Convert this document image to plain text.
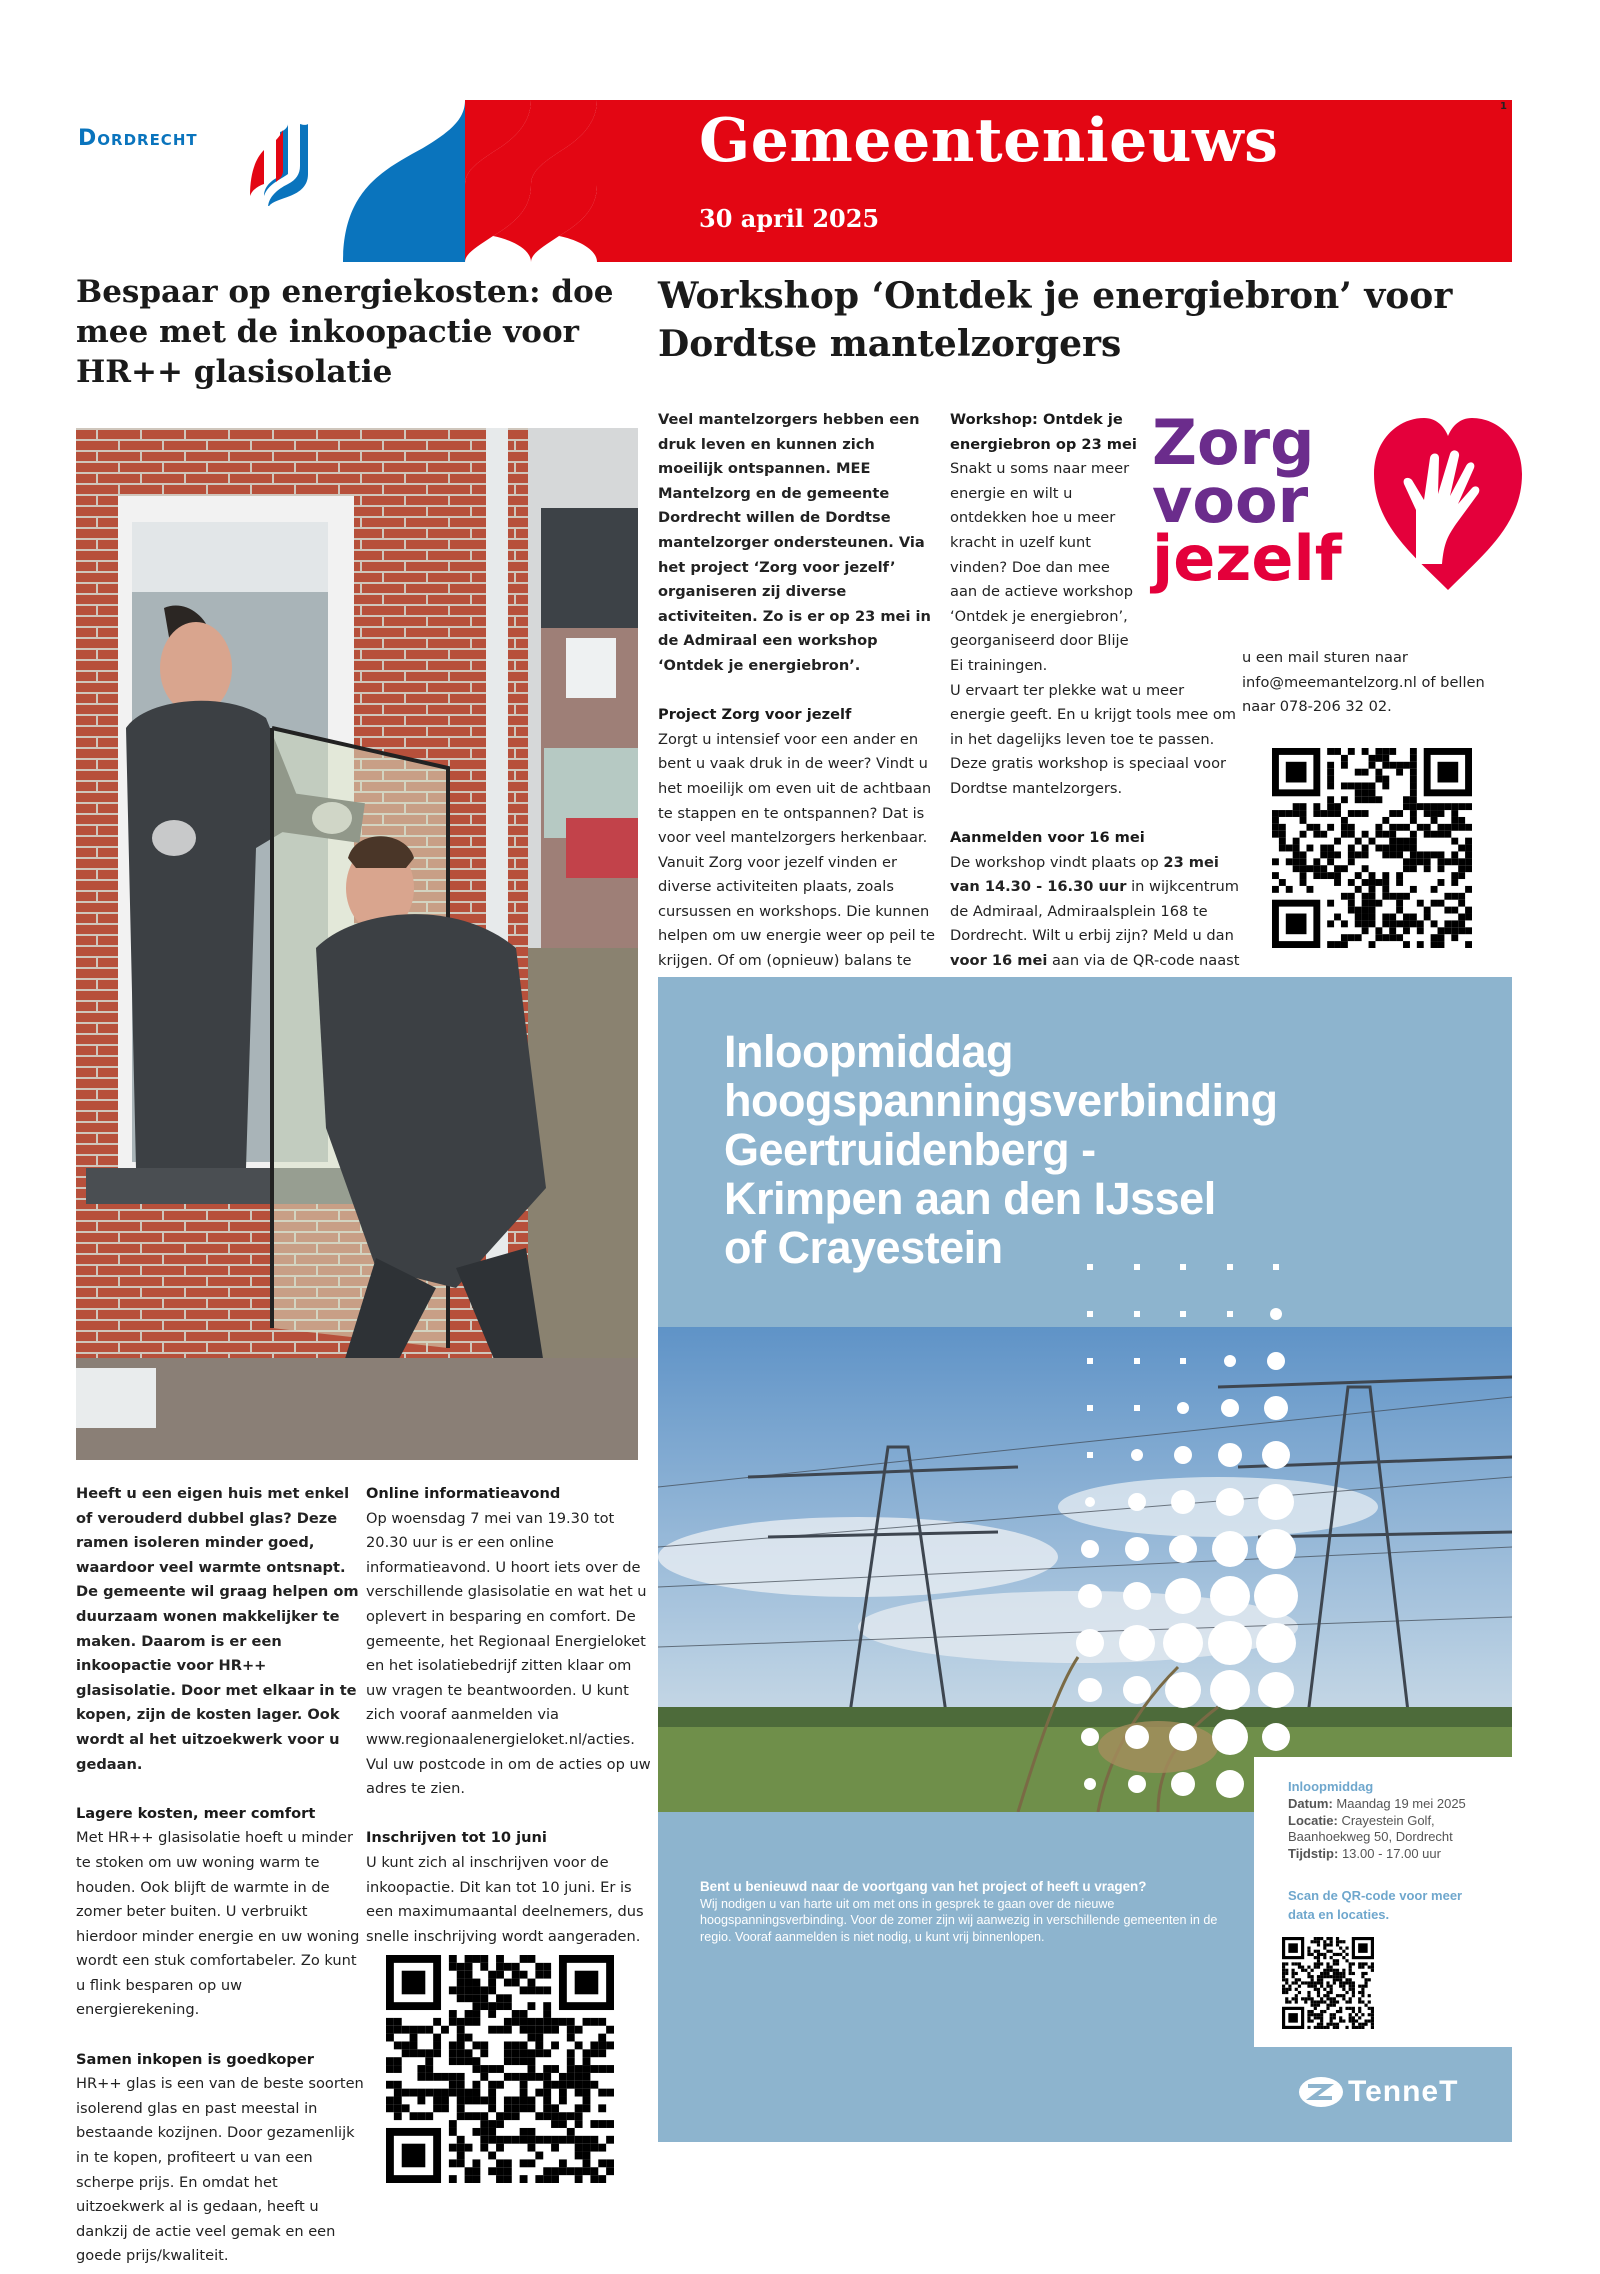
Dordrecht	Gemeentenieuws
30 april 2025
1
Bespaar op energiekosten: doe mee met de inkoopactie voor HR++ glasisolatie

Heeft u een eigen huis met enkel of verouderd dubbel glas? Deze ramen isoleren minder goed, waardoor veel warmte ontsnapt. De gemeente wil graag helpen om duurzaam wonen makkelijker te maken. Daarom is er een inkoopactie voor HR++ glasisolatie. Door met elkaar in te kopen, zijn de kosten lager. Ook wordt al het uitzoekwerk voor u gedaan.

Lagere kosten, meer comfort

Met HR++ glasisolatie hoeft u minder te stoken om uw woning warm te houden. Ook blijft de warmte in de zomer beter buiten. U verbruikt hierdoor minder energie en uw woning wordt een stuk comfortabeler. Zo kunt u flink besparen op uw energierekening.

Samen inkopen is goedkoper

HR++ glas is een van de beste soorten isolerend glas en past meestal in bestaande kozijnen. Door gezamenlijk in te kopen, profiteert u van een scherpe prijs. En omdat het uitzoekwerk al is gedaan, heeft u dankzij de actie veel gemak en een goede prijs/kwaliteit.

Online informatieavond

Op woensdag 7 mei van 19.30 tot 20.30 uur is er een online informatieavond. U hoort iets over de verschillende glasisolatie en wat het u oplevert in besparing en comfort. De gemeente, het Regionaal Energieloket en het isolatiebedrijf zitten klaar om uw vragen te beantwoorden. U kunt zich vooraf aanmelden via www.regionaalenergieloket.nl/acties. Vul uw postcode in om de acties op uw adres te zien.

Inschrijven tot 10 juni

U kunt zich al inschrijven voor de inkoopactie. Dit kan tot 10 juni. Er is een maximumaantal deelnemers, dus snelle inschrijving wordt aangeraden.

Workshop ‘Ontdek je energiebron’ voor Dordtse mantelzorgers

Veel mantelzorgers hebben een druk leven en kunnen zich moeilijk ontspannen. MEE Mantelzorg en de gemeente Dordrecht willen de Dordtse mantelzorger ondersteunen. Via het project ‘Zorg voor jezelf’ organiseren zij diverse activiteiten. Zo is er op 23 mei in de Admiraal een workshop ‘Ontdek je energiebron’.

Project Zorg voor jezelf

Zorgt u intensief voor een ander en bent u vaak druk in de weer? Vindt u het moeilijk om even uit de achtbaan te stappen en te ontspannen? Dat is voor veel mantelzorgers herkenbaar. Vanuit Zorg voor jezelf vinden er diverse activiteiten plaats, zoals cursussen en workshops. Die kunnen helpen om uw energie weer op peil te krijgen. Of om (opnieuw) balans te

Workshop: Ontdek je energiebron op 23 mei
Snakt u soms naar meer energie en wilt u ontdekken hoe u meer kracht in uzelf kunt vinden? Doe dan mee aan de actieve workshop ‘Ontdek je energiebron’, georganiseerd door Blije Ei trainingen.

U ervaart ter plekke wat u meer energie geeft. En u krijgt tools mee om in het dagelijks leven toe te passen. Deze gratis workshop is speciaal voor Dordtse mantelzorgers.

Aanmelden voor 16 mei

De workshop vindt plaats op 23 mei van 14.30 - 16.30 uur in wijkcentrum de Admiraal, Admiraalsplein 168 te Dordrecht. Wilt u erbij zijn? Meld u dan voor 16 mei aan via de QR-code naast

u een mail sturen naar info@meemantelzorg.nl of bellen naar 078-206 32 02.

Zorg
voor
jezelf
Inloopmiddag
hoogspanningsverbinding
Geertruidenberg -
Krimpen aan den IJssel
of Crayestein
Bent u benieuwd naar de voortgang van het project of heeft u vragen?
Wij nodigen u van harte uit om met ons in gesprek te gaan over de nieuwe hoogspanningsverbinding. Voor de zomer zijn wij aanwezig in verschillende gemeenten in de regio. Vooraf aanmelden is niet nodig, u kunt vrij binnenlopen.
Inloopmiddag
Datum: Maandag 19 mei 2025
Locatie: Crayestein Golf, Baanhoekweg 50, Dordrecht
Tijdstip: 13.00 - 17.00 uur
Scan de QR-code voor meer data en locaties.
TenneT
